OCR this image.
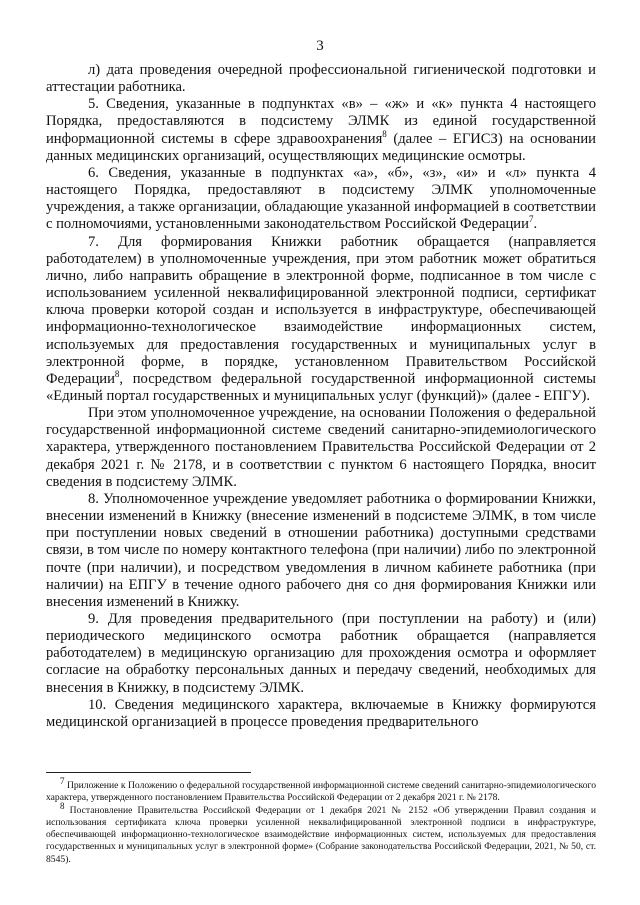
3

л) дата проведения очередной профессиональной гигиенической подготовки и аттестации работника.

5. Сведения, указанные в подпунктах «в» – «ж» и «к» пункта 4 настоящего Порядка, предоставляются в подсистему ЭЛМК из единой государственной информационной системы в сфере здравоохранения$^8$ (далее – ЕГИСЗ) на основании данных медицинских организаций, осуществляющих медицинские осмотры.

6. Сведения, указанные в подпунктах «а», «б», «з», «и» и «л» пункта 4 настоящего Порядка, предоставляют в подсистему ЭЛМК уполномоченные учреждения, а также организации, обладающие указанной информацией в соответствии с полномочиями, установленными законодательством Российской Федерации$^7$.

7. Для формирования Книжки работник обращается (направляется работодателем) в уполномоченные учреждения, при этом работник может обратиться лично, либо направить обращение в электронной форме, подписанное в том числе с использованием усиленной неквалифицированной электронной подписи, сертификат ключа проверки которой создан и используется в инфраструктуре, обеспечивающей информационно-технологическое взаимодействие информационных систем, используемых для предоставления государственных и муниципальных услуг в электронной форме, в порядке, установленном Правительством Российской Федерации$^8$, посредством федеральной государственной информационной системы «Единый портал государственных и муниципальных услуг (функций)» (далее - ЕПГУ).

При этом уполномоченное учреждение, на основании Положения о федеральной государственной информационной системе сведений санитарно-эпидемиологического характера, утвержденного постановлением Правительства Российской Федерации от 2 декабря 2021 г. № 2178, и в соответствии с пунктом 6 настоящего Порядка, вносит сведения в подсистему ЭЛМК.

8. Уполномоченное учреждение уведомляет работника о формировании Книжки, внесении изменений в Книжку (внесение изменений в подсистеме ЭЛМК, в том числе при поступлении новых сведений в отношении работника) доступными средствами связи, в том числе по номеру контактного телефона (при наличии) либо по электронной почте (при наличии), и посредством уведомления в личном кабинете работника (при наличии) на ЕПГУ в течение одного рабочего дня со дня формирования Книжки или внесения изменений в Книжку.

9. Для проведения предварительного (при поступлении на работу) и (или) периодического медицинского осмотра работник обращается (направляется работодателем) в медицинскую организацию для прохождения осмотра и оформляет согласие на обработку персональных данных и передачу сведений, необходимых для внесения в Книжку, в подсистему ЭЛМК.

10. Сведения медицинского характера, включаемые в Книжку формируются медицинской организацией в процессе проведения предварительного

$^7$ Приложение к Положению о федеральной государственной информационной системе сведений санитарно-эпидемиологического характера, утвержденного постановлением Правительства Российской Федерации от 2 декабря 2021 г. № 2178.

$^8$ Постановление Правительства Российской Федерации от 1 декабря 2021 № 2152 «Об утверждении Правил создания и использования сертификата ключа проверки усиленной неквалифицированной электронной подписи в инфраструктуре, обеспечивающей информационно-технологическое взаимодействие информационных систем, используемых для предоставления государственных и муниципальных услуг в электронной форме» (Собрание законодательства Российской Федерации, 2021, № 50, ст. 8545).
